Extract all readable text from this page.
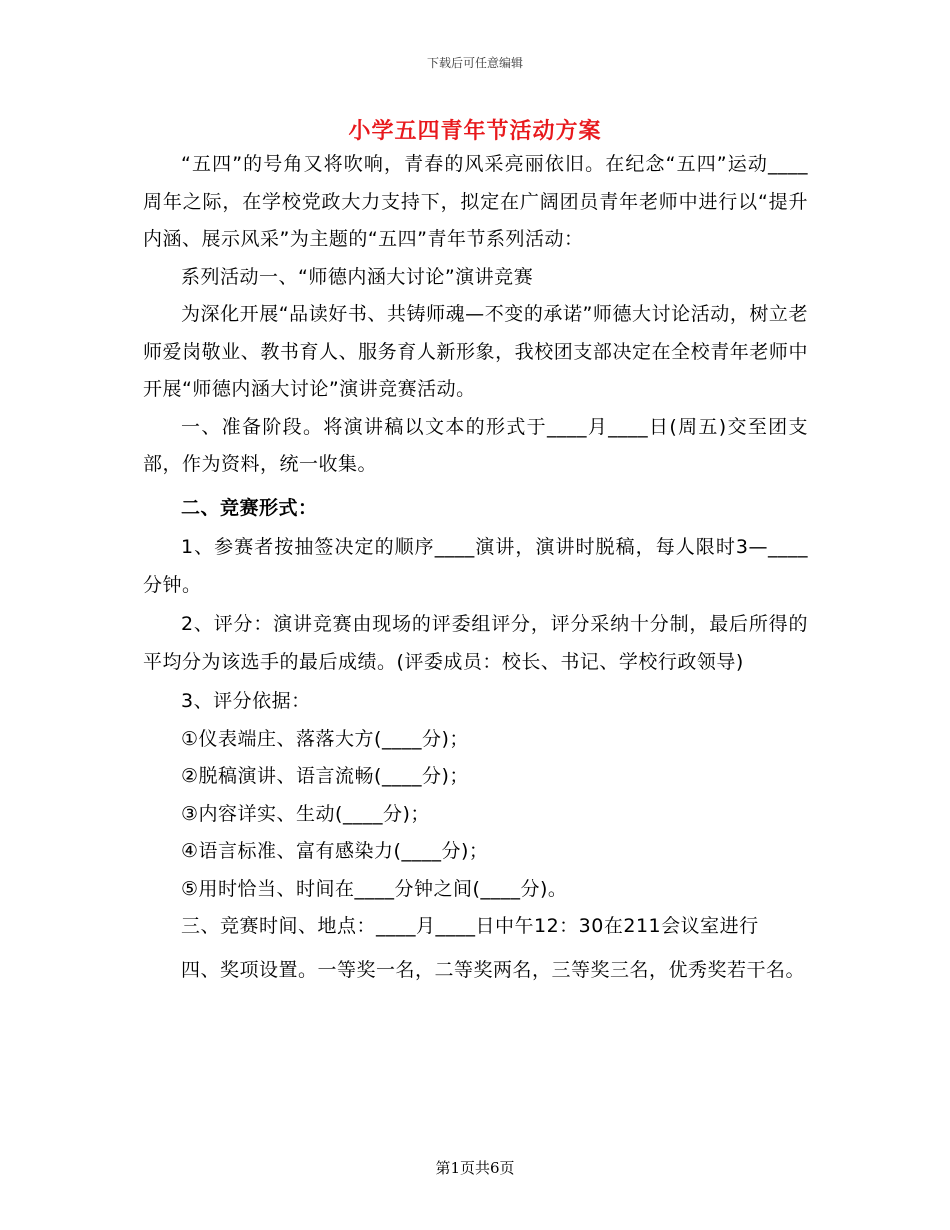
下载后可任意编辑
小学五四青年节活动方案

“五四”的号角又将吹响，青春的风采亮丽依旧。在纪念“五四”运动____周年之际，在学校党政大力支持下，拟定在广阔团员青年老师中进行以“提升内涵、展示风采”为主题的“五四”青年节系列活动：

系列活动一、“师德内涵大讨论”演讲竞赛

为深化开展“品读好书、共铸师魂—不变的承诺”师德大讨论活动，树立老师爱岗敬业、教书育人、服务育人新形象，我校团支部决定在全校青年老师中开展“师德内涵大讨论”演讲竞赛活动。

一、准备阶段。将演讲稿以文本的形式于____月____日(周五)交至团支部，作为资料，统一收集。

二、竞赛形式：

1、参赛者按抽签决定的顺序____演讲，演讲时脱稿，每人限时3—____分钟。

2、评分：演讲竞赛由现场的评委组评分，评分采纳十分制，最后所得的平均分为该选手的最后成绩。(评委成员：校长、书记、学校行政领导)

3、评分依据：

①仪表端庄、落落大方(____分)；

②脱稿演讲、语言流畅(____分)；

③内容详实、生动(____分)；

④语言标准、富有感染力(____分)；

⑤用时恰当、时间在____分钟之间(____分)。

三、竞赛时间、地点：____月____日中午12：30在211会议室进行

四、奖项设置。一等奖一名，二等奖两名，三等奖三名，优秀奖若干名。

第1页共6页
